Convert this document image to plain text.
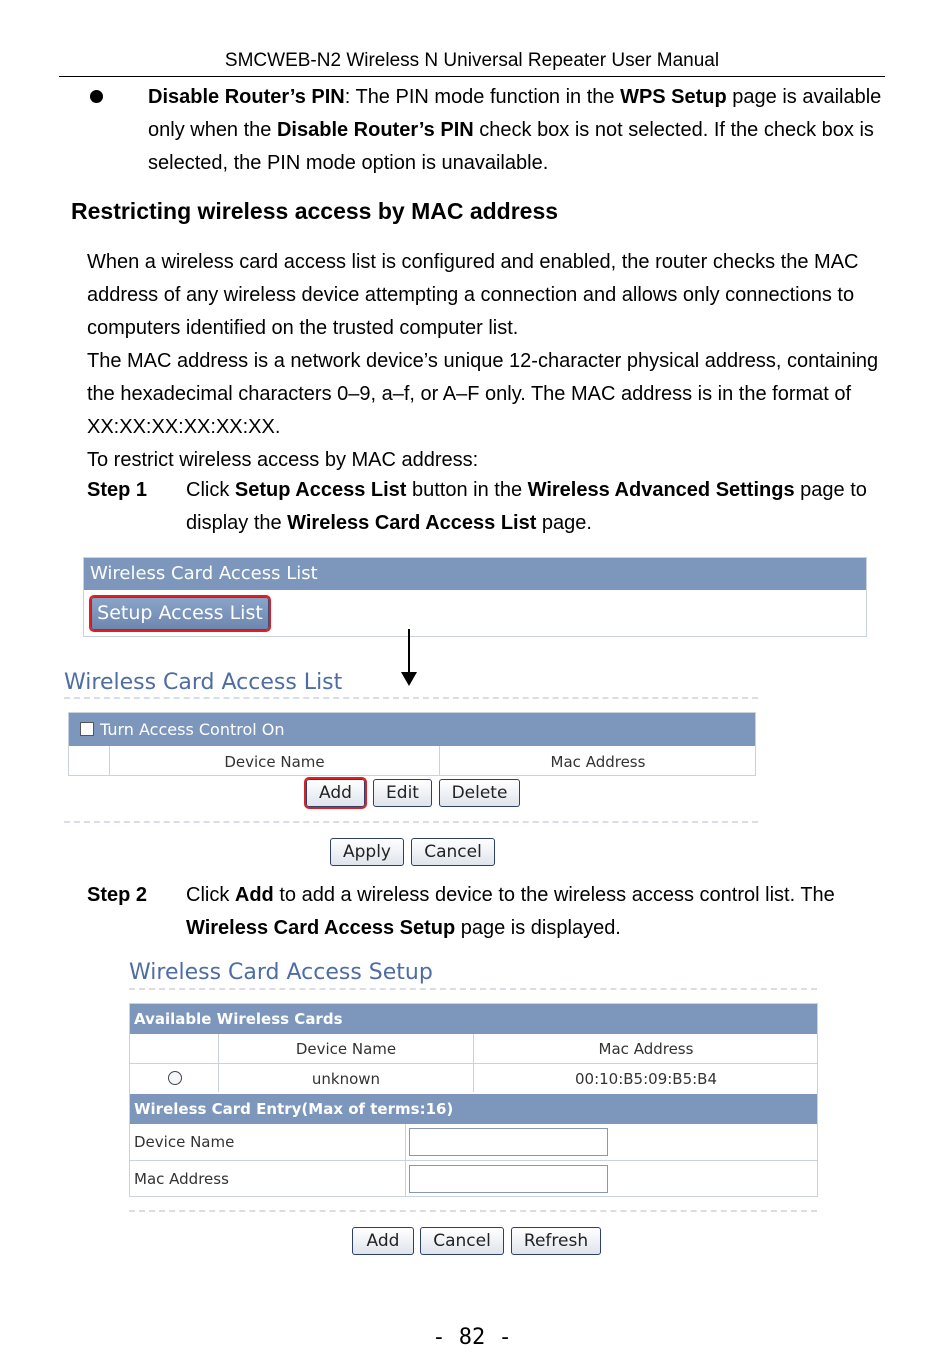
SMCWEB-N2 Wireless N Universal Repeater User Manual
Disable Router’s PIN: The PIN mode function in the WPS Setup page is available only when the Disable Router’s PIN check box is not selected. If the check box is selected, the PIN mode option is unavailable.
Restricting wireless access by MAC address
When a wireless card access list is configured and enabled, the router checks the MAC address of any wireless device attempting a connection and allows only connections to computers identified on the trusted computer list.
The MAC address is a network device’s unique 12-character physical address, containing the hexadecimal characters 0–9, a–f, or A–F only. The MAC address is in the format of XX:XX:XX:XX:XX:XX.
To restrict wireless access by MAC address:
Step 1 Click Setup Access List button in the Wireless Advanced Settings page to display the Wireless Card Access List page.
Wireless Card Access List
Setup Access List
Wireless Card Access List
Turn Access Control On
Device Name	Mac Address
Add	Edit	Delete
Apply	Cancel
Step 2 Click Add to add a wireless device to the wireless access control list. The Wireless Card Access Setup page is displayed.
Wireless Card Access Setup
Available Wireless Cards
Device Name	Mac Address
unknown	00:10:B5:09:B5:B4
Wireless Card Entry(Max of terms:16)
Device Name
Mac Address
Add	Cancel	Refresh
- 82 -
